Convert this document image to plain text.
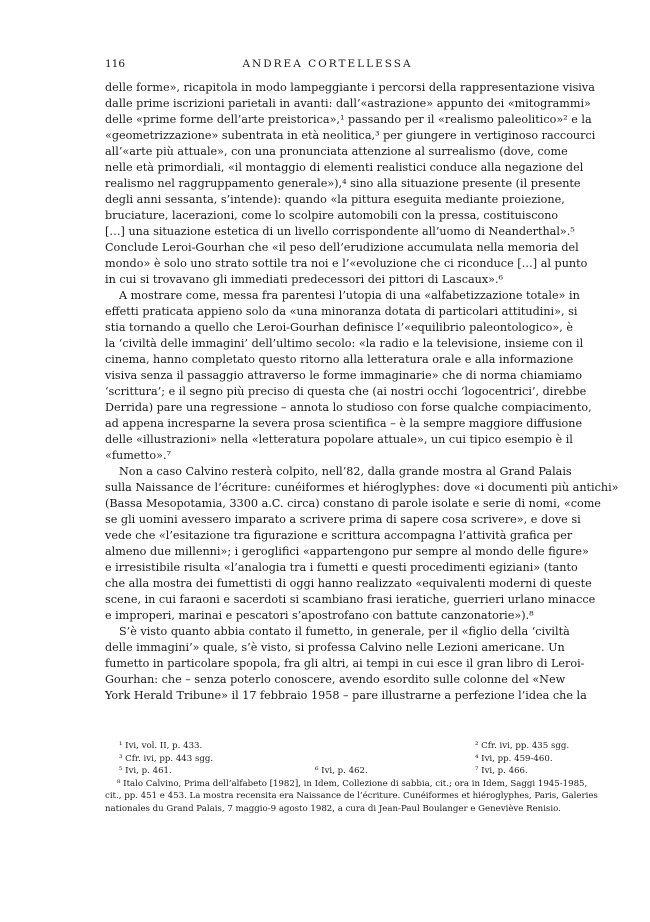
116	ANDREA CORTELLESSA
delle forme», ricapitola in modo lampeggiante i percorsi della rappresentazione visiva
dalle prime iscrizioni parietali in avanti: dall’«astrazione» appunto dei «mitogrammi»
delle «prime forme dell’arte preistorica»,¹ passando per il «realismo paleolitico»² e la
«geometrizzazione» subentrata in età neolitica,³ per giungere in vertiginoso raccourci
all’«arte più attuale», con una pronunciata attenzione al surrealismo (dove, come
nelle età primordiali, «il montaggio di elementi realistici conduce alla negazione del
realismo nel raggruppamento generale»),⁴ sino alla situazione presente (il presente
degli anni sessanta, s’intende): quando «la pittura eseguita mediante proiezione,
bruciature, lacerazioni, come lo scolpire automobili con la pressa, costituiscono
[…] una situazione estetica di un livello corrispondente all’uomo di Neanderthal».⁵
Conclude Leroi-Gourhan che «il peso dell’erudizione accumulata nella memoria del
mondo» è solo uno strato sottile tra noi e l’«evoluzione che ci riconduce […] al punto
in cui si trovavano gli immediati predecessori dei pittori di Lascaux».⁶
A mostrare come, messa fra parentesi l’utopia di una «alfabetizzazione totale» in
effetti praticata appieno solo da «una minoranza dotata di particolari attitudini», si
stia tornando a quello che Leroi-Gourhan definisce l’«equilibrio paleontologico», è
la ‘civiltà delle immagini’ dell’ultimo secolo: «la radio e la televisione, insieme con il
cinema, hanno completato questo ritorno alla letteratura orale e alla informazione
visiva senza il passaggio attraverso le forme immaginarie» che di norma chiamiamo
‘scrittura’; e il segno più preciso di questa che (ai nostri occhi ‘logocentrici’, direbbe
Derrida) pare una regressione – annota lo studioso con forse qualche compiacimento,
ad appena incresparne la severa prosa scientifica – è la sempre maggiore diffusione
delle «illustrazioni» nella «letteratura popolare attuale», un cui tipico esempio è il
«fumetto».⁷
Non a caso Calvino resterà colpito, nell’82, dalla grande mostra al Grand Palais
sulla Naissance de l’écriture: cunéiformes et hiéroglyphes: dove «i documenti più antichi»
(Bassa Mesopotamia, 3300 a.C. circa) constano di parole isolate e serie di nomi, «come
se gli uomini avessero imparato a scrivere prima di sapere cosa scrivere», e dove si
vede che «l’esitazione tra figurazione e scrittura accompagna l’attività grafica per
almeno due millenni»; i geroglifici «appartengono pur sempre al mondo delle figure»
e irresistibile risulta «l’analogia tra i fumetti e questi procedimenti egiziani» (tanto
che alla mostra dei fumettisti di oggi hanno realizzato «equivalenti moderni di queste
scene, in cui faraoni e sacerdoti si scambiano frasi ieratiche, guerrieri urlano minacce
e improperi, marinai e pescatori s’apostrofano con battute canzonatorie»).⁸
S’è visto quanto abbia contato il fumetto, in generale, per il «figlio della ‘civiltà
delle immagini’» quale, s’è visto, si professa Calvino nelle Lezioni americane. Un
fumetto in particolare spopola, fra gli altri, ai tempi in cui esce il gran libro di Leroi-
Gourhan: che – senza poterlo conoscere, avendo esordito sulle colonne del «New
York Herald Tribune» il 17 febbraio 1958 – pare illustrarne a perfezione l’idea che la
¹ Ivi, vol. II, p. 433.	² Cfr. ivi, pp. 435 sgg.
³ Cfr. ivi, pp. 443 sgg.	⁴ Ivi, pp. 459-460.
⁵ Ivi, p. 461.	⁶ Ivi, p. 462.	⁷ Ivi, p. 466.
⁸ Italo Calvino, Prima dell’alfabeto [1982], in Idem, Collezione di sabbia, cit.; ora in Idem, Saggi 1945-1985,
cit., pp. 451 e 453. La mostra recensita era Naissance de l’écriture. Cunéiformes et hiéroglyphes, Paris, Galeries
nationales du Grand Palais, 7 maggio-9 agosto 1982, a cura di Jean-Paul Boulanger e Geneviève Renisio.
